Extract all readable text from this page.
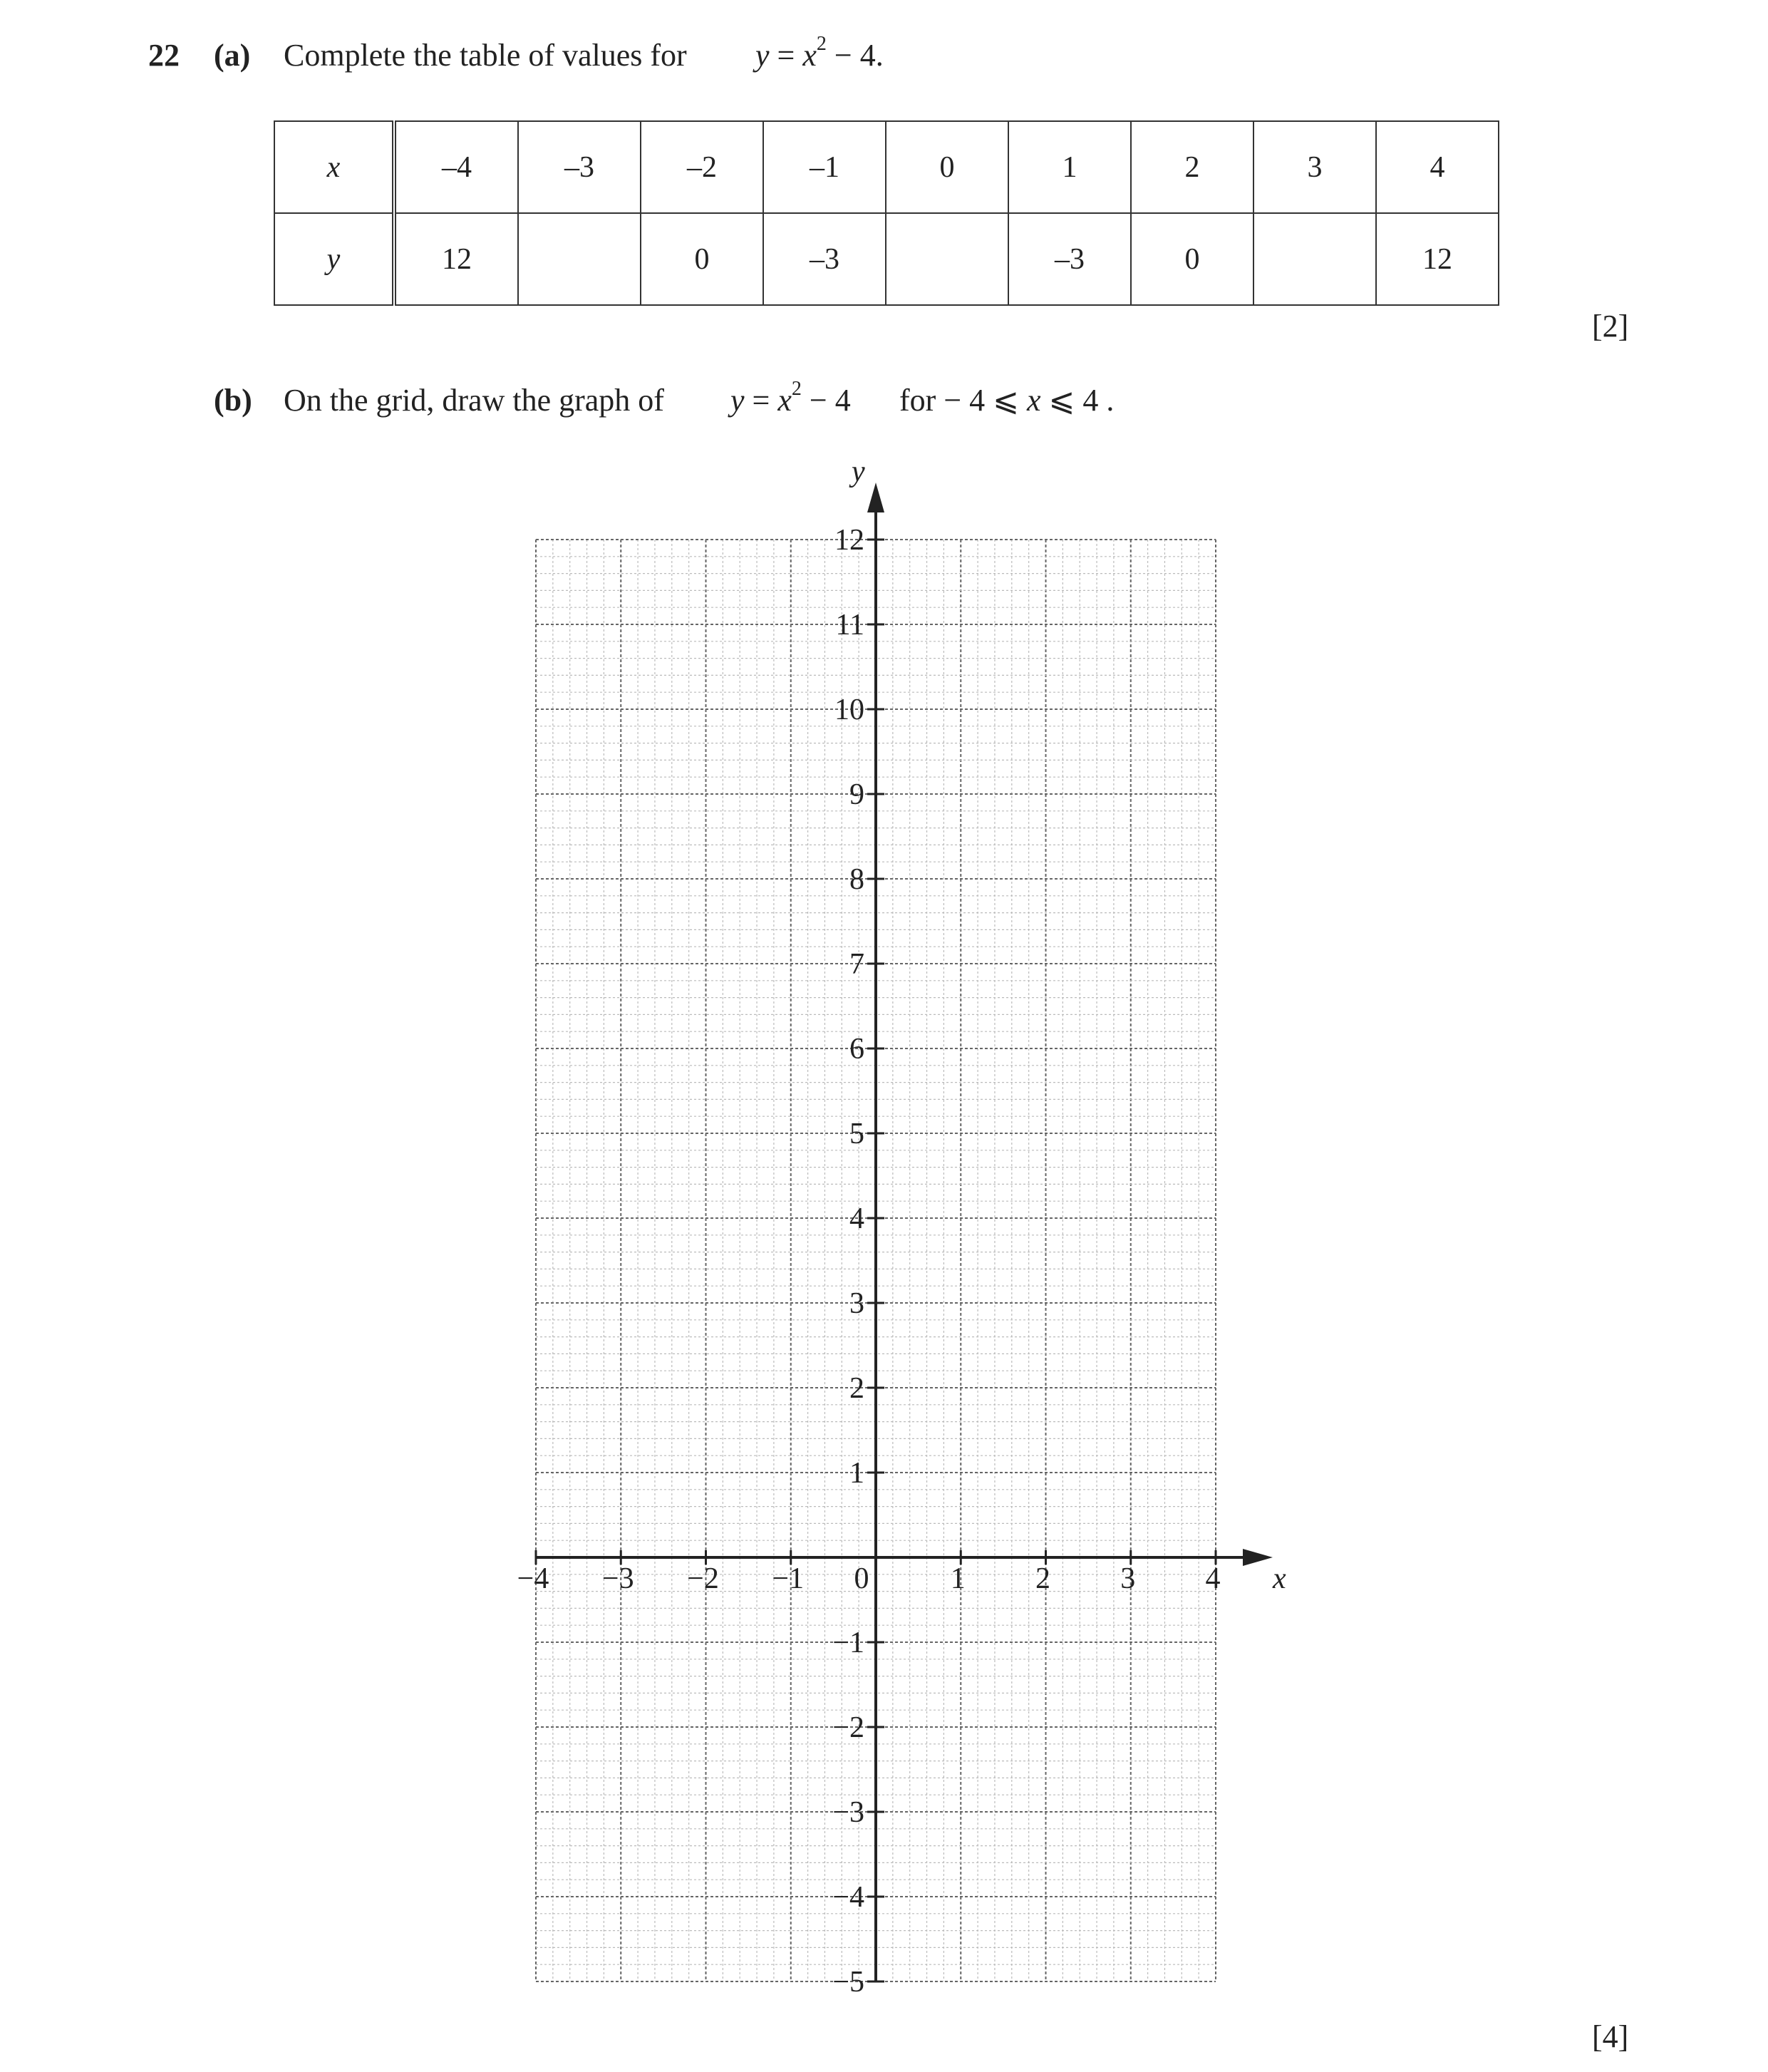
22 (a) Complete the table of values for $y = x^2 - 4$.
x	–4	–3	–2	–1	0	1	2	3	4
y	12		0	–3		–3	0		12
[2]
(b) On the grid, draw the graph of $y = x^2 - 4$ for − 4 ⩽ x ⩽ 4 .
−4 −3 −2 −1 0	1 2 3 4
12
11
10
9
8
7
6
5
4
3
2
1
−1
−2
−3
−4
−5
x
y
[4]
